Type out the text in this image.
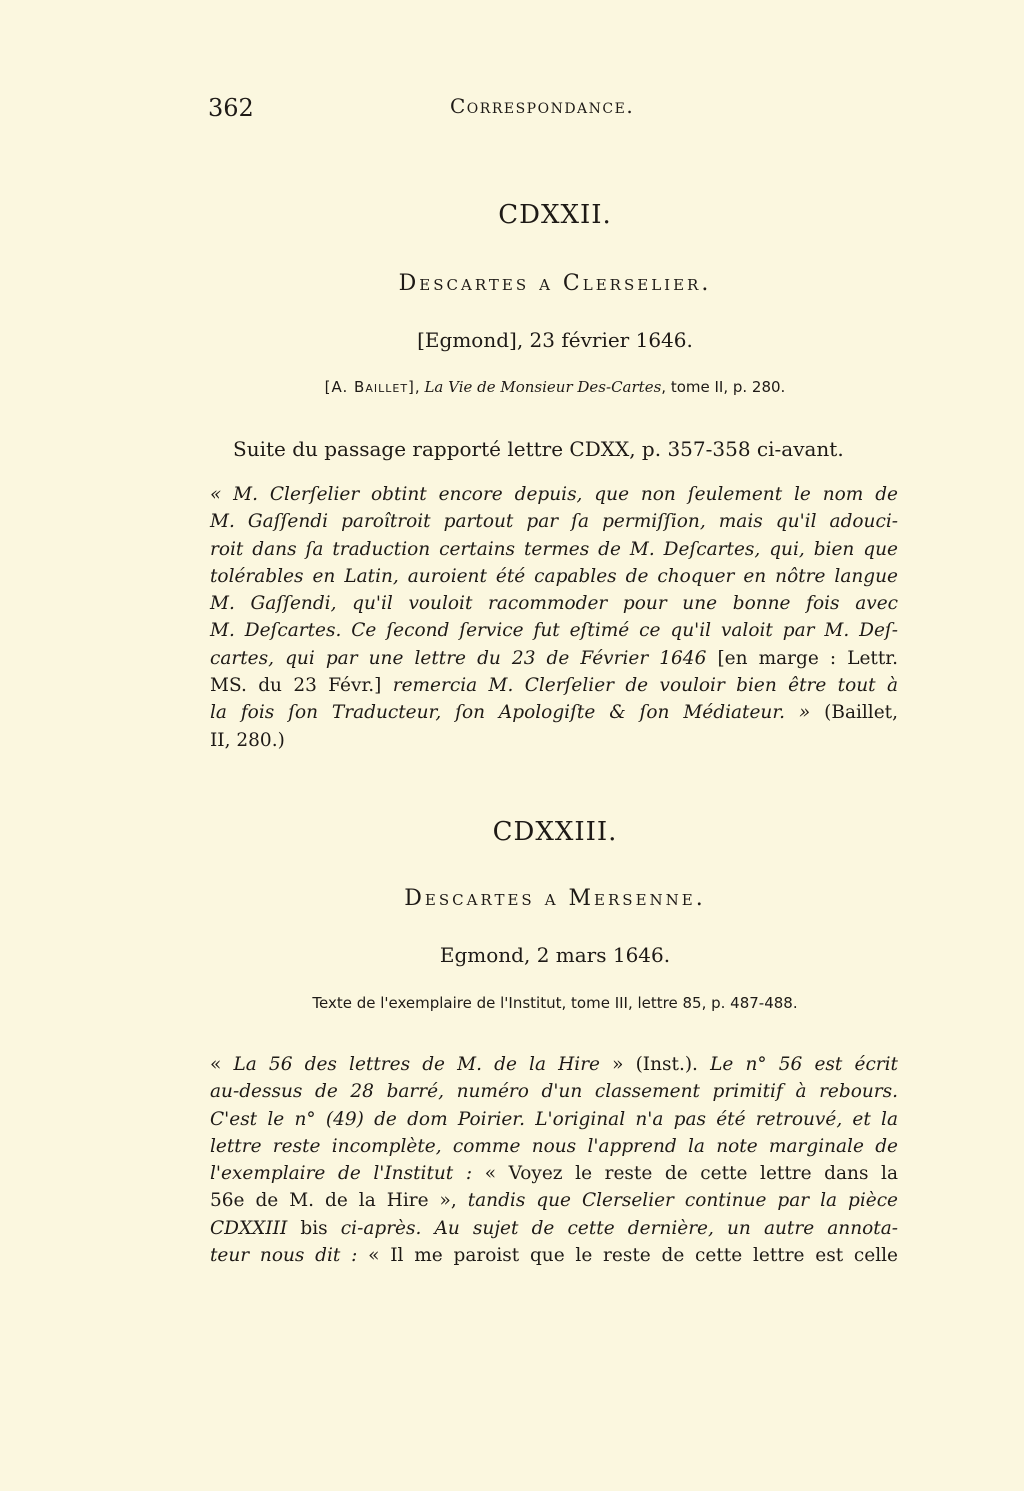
362	Correspondance.
CDXXII.
Descartes a Clerselier.
[Egmond], 23 février 1646.
[A. Baillet], La Vie de Monsieur Des-Cartes, tome II, p. 280.
Suite du passage rapporté lettre CDXX, p. 357-358 ci-avant.
« M. Clerſelier obtint encore depuis, que non ſeulement le nom de
M. Gaſſendi paroîtroit partout par ſa permiſſion, mais qu'il adouci-
roit dans ſa traduction certains termes de M. Deſcartes, qui, bien que
tolérables en Latin, auroient été capables de choquer en nôtre langue
M. Gaſſendi, qu'il vouloit racommoder pour une bonne fois avec
M. Deſcartes. Ce ſecond ſervice fut eſtimé ce qu'il valoit par M. Deſ-
cartes, qui par une lettre du 23 de Février 1646 [en marge : Lettr.
MS. du 23 Févr.] remercia M. Clerſelier de vouloir bien être tout à
la fois ſon Traducteur, ſon Apologiſte & ſon Médiateur. » (Baillet,
II, 280.)
CDXXIII.
Descartes a Mersenne.
Egmond, 2 mars 1646.
Texte de l'exemplaire de l'Institut, tome III, lettre 85, p. 487-488.
« La 56 des lettres de M. de la Hire » (Inst.). Le n° 56 est écrit
au-dessus de 28 barré, numéro d'un classement primitif à rebours.
C'est le n° (49) de dom Poirier. L'original n'a pas été retrouvé, et la
lettre reste incomplète, comme nous l'apprend la note marginale de
l'exemplaire de l'Institut : « Voyez le reste de cette lettre dans la
56e de M. de la Hire », tandis que Clerselier continue par la pièce
CDXXIII bis ci-après. Au sujet de cette dernière, un autre annota-
teur nous dit : « Il me paroist que le reste de cette lettre est celle
